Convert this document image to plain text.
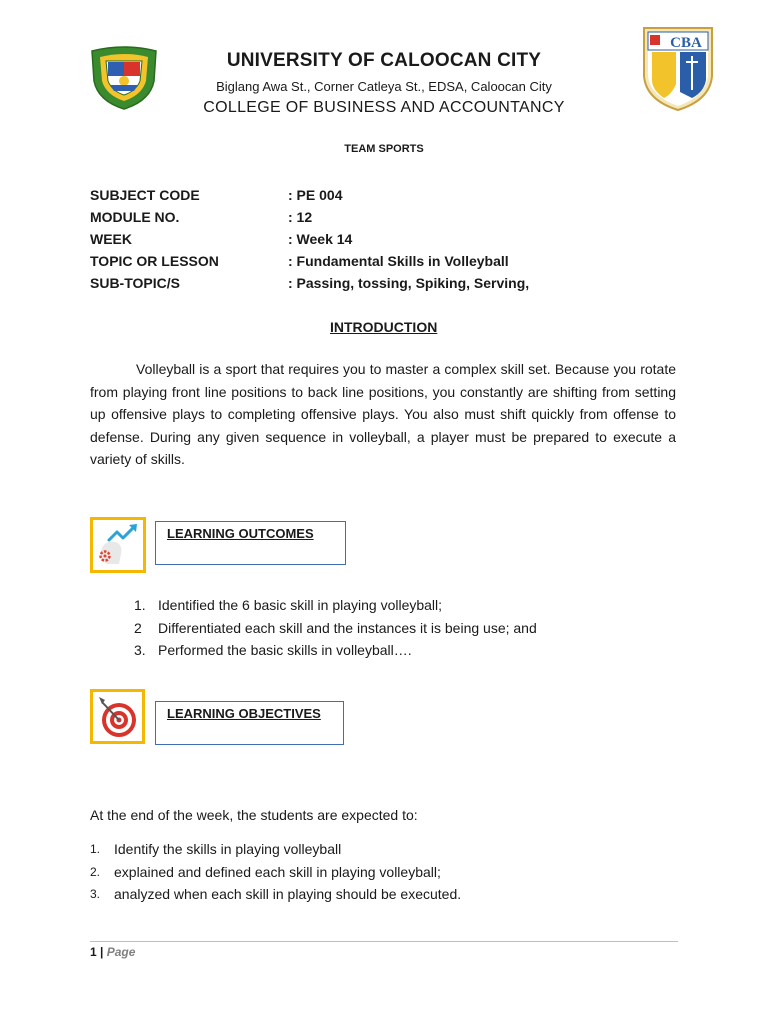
CBA
UNIVERSITY OF CALOOCAN CITY
Biglang Awa St., Corner Catleya St., EDSA, Caloocan City
COLLEGE OF BUSINESS AND ACCOUNTANCY
TEAM SPORTS
SUBJECT CODE	: PE 004
MODULE NO.	: 12
WEEK	: Week 14
TOPIC OR LESSON	: Fundamental Skills in Volleyball
SUB-TOPIC/S	: Passing, tossing, Spiking, Serving,
INTRODUCTION
Volleyball is a sport that requires you to master a complex skill set. Because you rotate from playing front line positions to back line positions, you constantly are shifting from setting up offensive plays to completing offensive plays. You also must shift quickly from offense to defense. During any given sequence in volleyball, a player must be prepared to execute a variety of skills.
LEARNING OUTCOMES
1. Identified the 6 basic skill in playing volleyball;
2	Differentiated each skill and the instances it is being use; and
3. Performed the basic skills in volleyball….
LEARNING OBJECTIVES
At the end of the week, the students are expected to:
1. Identify the skills in playing volleyball
2. explained and defined each skill in playing volleyball;
3. analyzed when each skill in playing should be executed.
1 | Page
